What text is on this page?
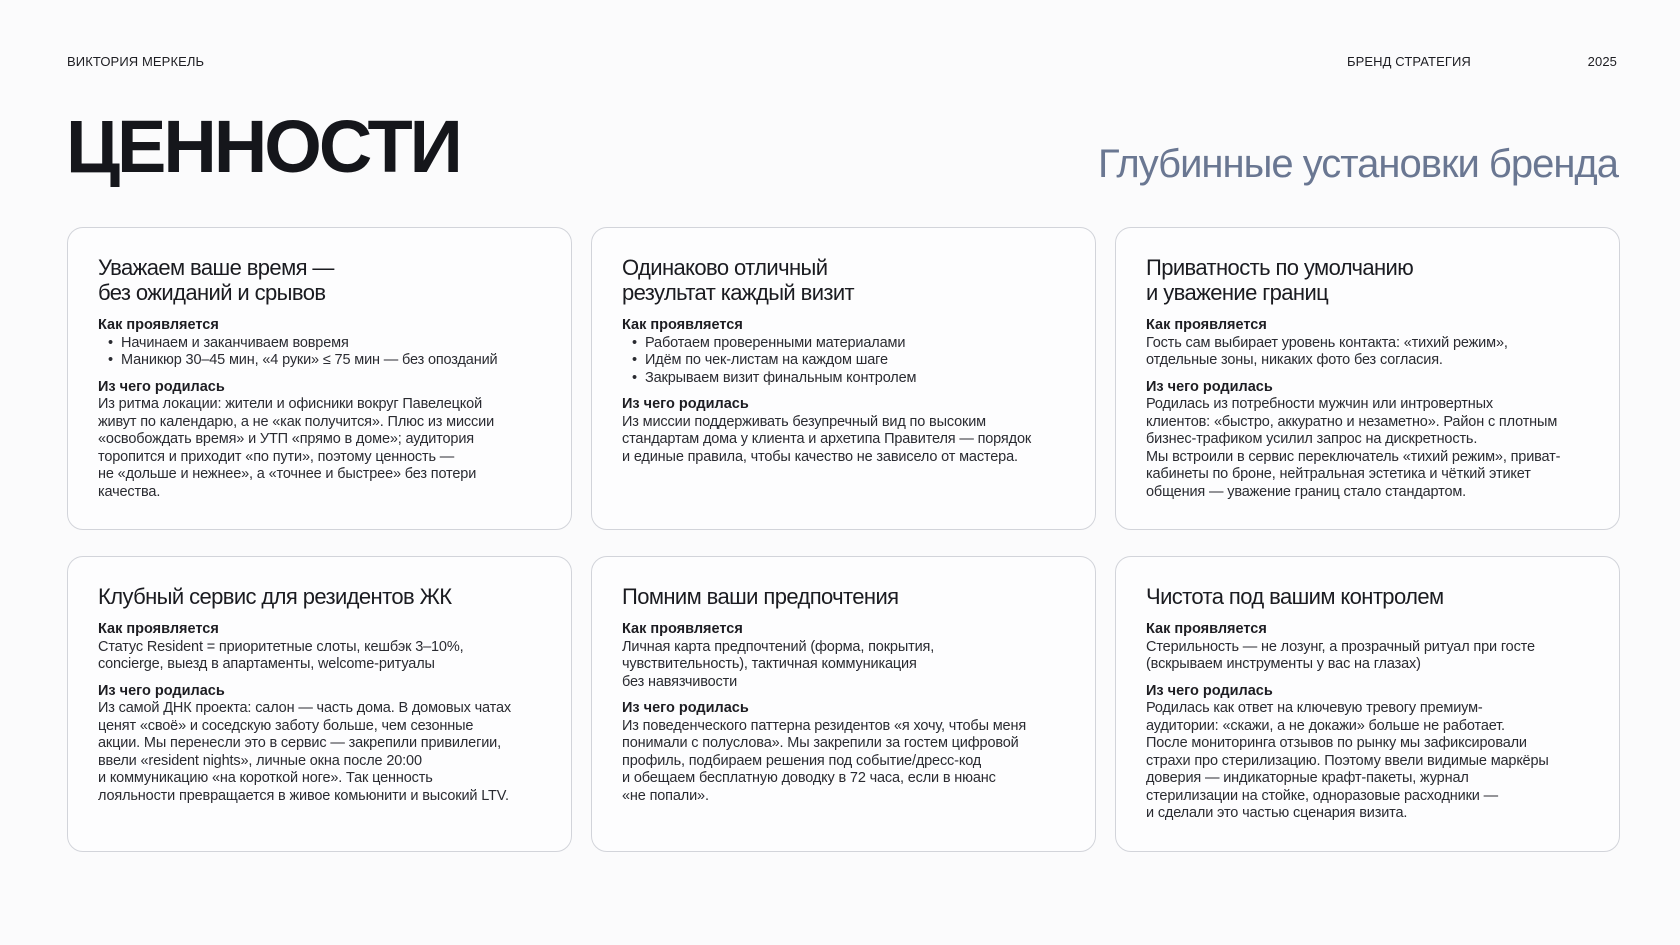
ВИКТОРИЯ МЕРКЕЛЬ	БРЕНД СТРАТЕГИЯ	2025
ЦЕННОСТИ	Глубинные установки бренда
Уважаем ваше время —
без ожиданий и срывов
Как проявляется
• Начинаем и заканчиваем вовремя
• Маникюр 30–45 мин, «4 руки» ≤ 75 мин — без опозданий
Из чего родилась
Из ритма локации: жители и офисники вокруг Павелецкой
живут по календарю, а не «как получится». Плюс из миссии
«освобождать время» и УТП «прямо в доме»; аудитория
торопится и приходит «по пути», поэтому ценность —
не «дольше и нежнее», а «точнее и быстрее» без потери
качества.
Одинаково отличный
результат каждый визит
Как проявляется
• Работаем проверенными материалами
• Идём по чек-листам на каждом шаге
• Закрываем визит финальным контролем
Из чего родилась
Из миссии поддерживать безупречный вид по высоким
стандартам дома у клиента и архетипа Правителя — порядок
и единые правила, чтобы качество не зависело от мастера.
Приватность по умолчанию
и уважение границ
Как проявляется
Гость сам выбирает уровень контакта: «тихий режим»,
отдельные зоны, никаких фото без согласия.
Из чего родилась
Родилась из потребности мужчин или интровертных
клиентов: «быстро, аккуратно и незаметно». Район с плотным
бизнес-трафиком усилил запрос на дискретность.
Мы встроили в сервис переключатель «тихий режим», приват-
кабинеты по броне, нейтральная эстетика и чёткий этикет
общения — уважение границ стало стандартом.
Клубный сервис для резидентов ЖК
Как проявляется
Статус Resident = приоритетные слоты, кешбэк 3–10%,
concierge, выезд в апартаменты, welcome-ритуалы
Из чего родилась
Из самой ДНК проекта: салон — часть дома. В домовых чатах
ценят «своё» и соседскую заботу больше, чем сезонные
акции. Мы перенесли это в сервис — закрепили привилегии,
ввели «resident nights», личные окна после 20:00
и коммуникацию «на короткой ноге». Так ценность
лояльности превращается в живое комьюнити и высокий LTV.
Помним ваши предпочтения
Как проявляется
Личная карта предпочтений (форма, покрытия,
чувствительность), тактичная коммуникация
без навязчивости
Из чего родилась
Из поведенческого паттерна резидентов «я хочу, чтобы меня
понимали с полуслова». Мы закрепили за гостем цифровой
профиль, подбираем решения под событие/дресс-код
и обещаем бесплатную доводку в 72 часа, если в нюанс
«не попали».
Чистота под вашим контролем
Как проявляется
Стерильность — не лозунг, а прозрачный ритуал при госте
(вскрываем инструменты у вас на глазах)
Из чего родилась
Родилась как ответ на ключевую тревогу премиум-
аудитории: «скажи, а не докажи» больше не работает.
После мониторинга отзывов по рынку мы зафиксировали
страхи про стерилизацию. Поэтому ввели видимые маркёры
доверия — индикаторные крафт-пакеты, журнал
стерилизации на стойке, одноразовые расходники —
и сделали это частью сценария визита.
